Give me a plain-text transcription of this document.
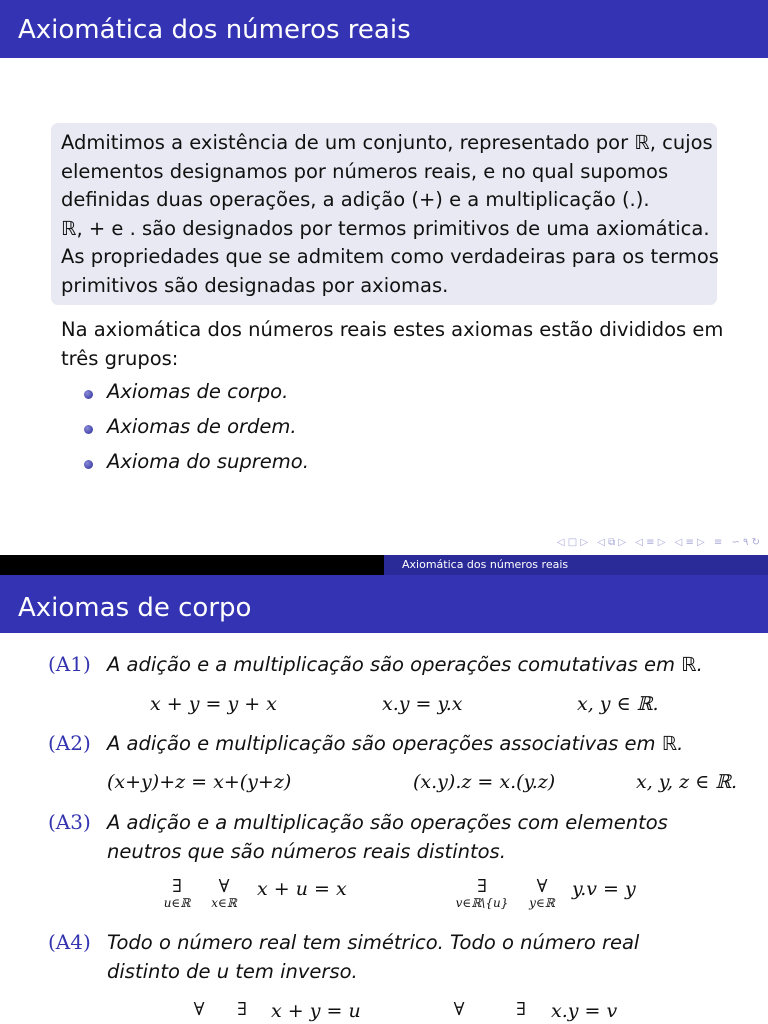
Axiomática dos números reais
Admitimos a existência de um conjunto, representado por ℝ, cujos
elementos designamos por números reais, e no qual supomos
definidas duas operações, a adição (+) e a multiplicação (.).
ℝ, + e . são designados por termos primitivos de uma axiomática.
As propriedades que se admitem como verdadeiras para os termos
primitivos são designadas por axiomas.
Na axiomática dos números reais estes axiomas estão divididos em
três grupos:
Axiomas de corpo.
Axiomas de ordem.
Axioma do supremo.
◁ □ ▷ ◁ ⧉ ▷ ◁ ≡ ▷ ◁ ≡ ▷ ≡ ∽ ۹ ↻
Axiomática dos números reais
Axiomas de corpo
(A1) A adição e a multiplicação são operações comutativas em ℝ.
x + y = y + x	x.y = y.x	x, y ∈ ℝ.
(A2) A adição e multiplicação são operações associativas em ℝ.
(x+y)+z = x+(y+z)	(x.y).z = x.(y.z)	x, y, z ∈ ℝ.
(A3) A adição e a multiplicação são operações com elementos
neutros que são números reais distintos.
∃
u∈ℝ
∀
x∈ℝ
x + u = x	∃
v∈ℝ\{u}
∀
y∈ℝ
y.v = y
(A4) Todo o número real tem simétrico. Todo o número real
distinto de u tem inverso.
∀	∃	x + y = u	∀	∃	x.y = v
